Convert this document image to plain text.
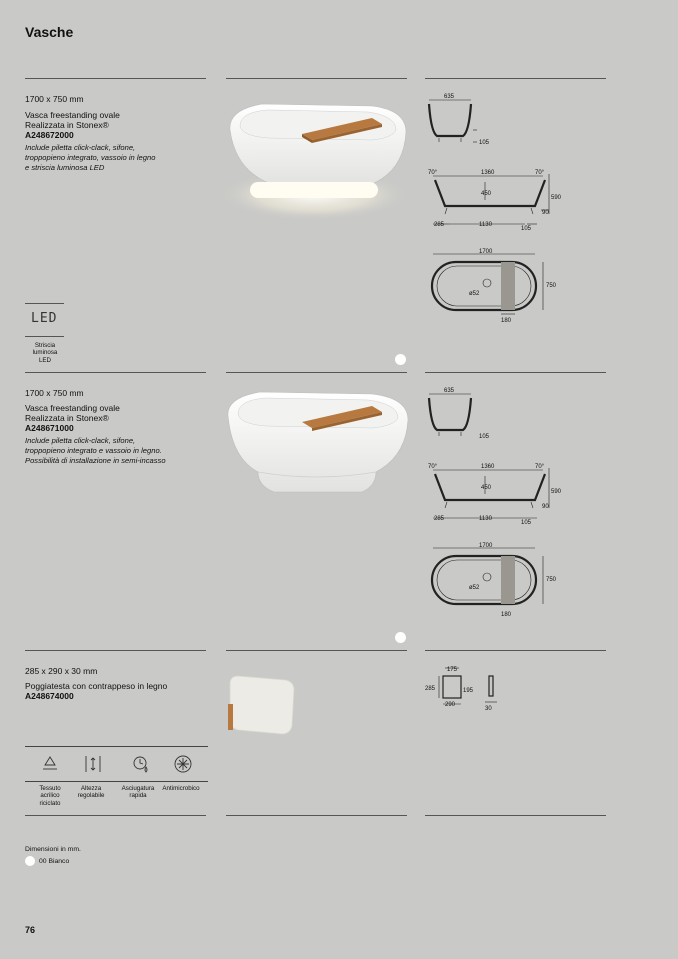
Vasche
1700 x 750 mm
Vasca freestanding ovale
Realizzata in Stonex®
A248672000
Include piletta click-clack, sifone,
troppopieno integrato, vassoio in legno
e striscia luminosa LED
635
105
70°	1360	70°
450
590
90
285	1130
105
1700
750
ø52
180
LED
Striscia
luminosa
LED
1700 x 750 mm
Vasca freestanding ovale
Realizzata in Stonex®
A248671000
Include piletta click-clack, sifone,
troppopieno integrato e vassoio in legno.
Possibilità di installazione in semi-incasso
635
105
70°	1360	70°
450
590
90
285	1130
105
1700
750
ø52
180
285 x 290 x 30 mm
Poggiatesta con contrappeso in legno
A248674000
175
285	195
290
30
Tessuto
acrilico
riciclato
Altezza
regolabile
Asciugatura
rapida
Antimicrobico
Dimensioni in mm.
00 Bianco
76
